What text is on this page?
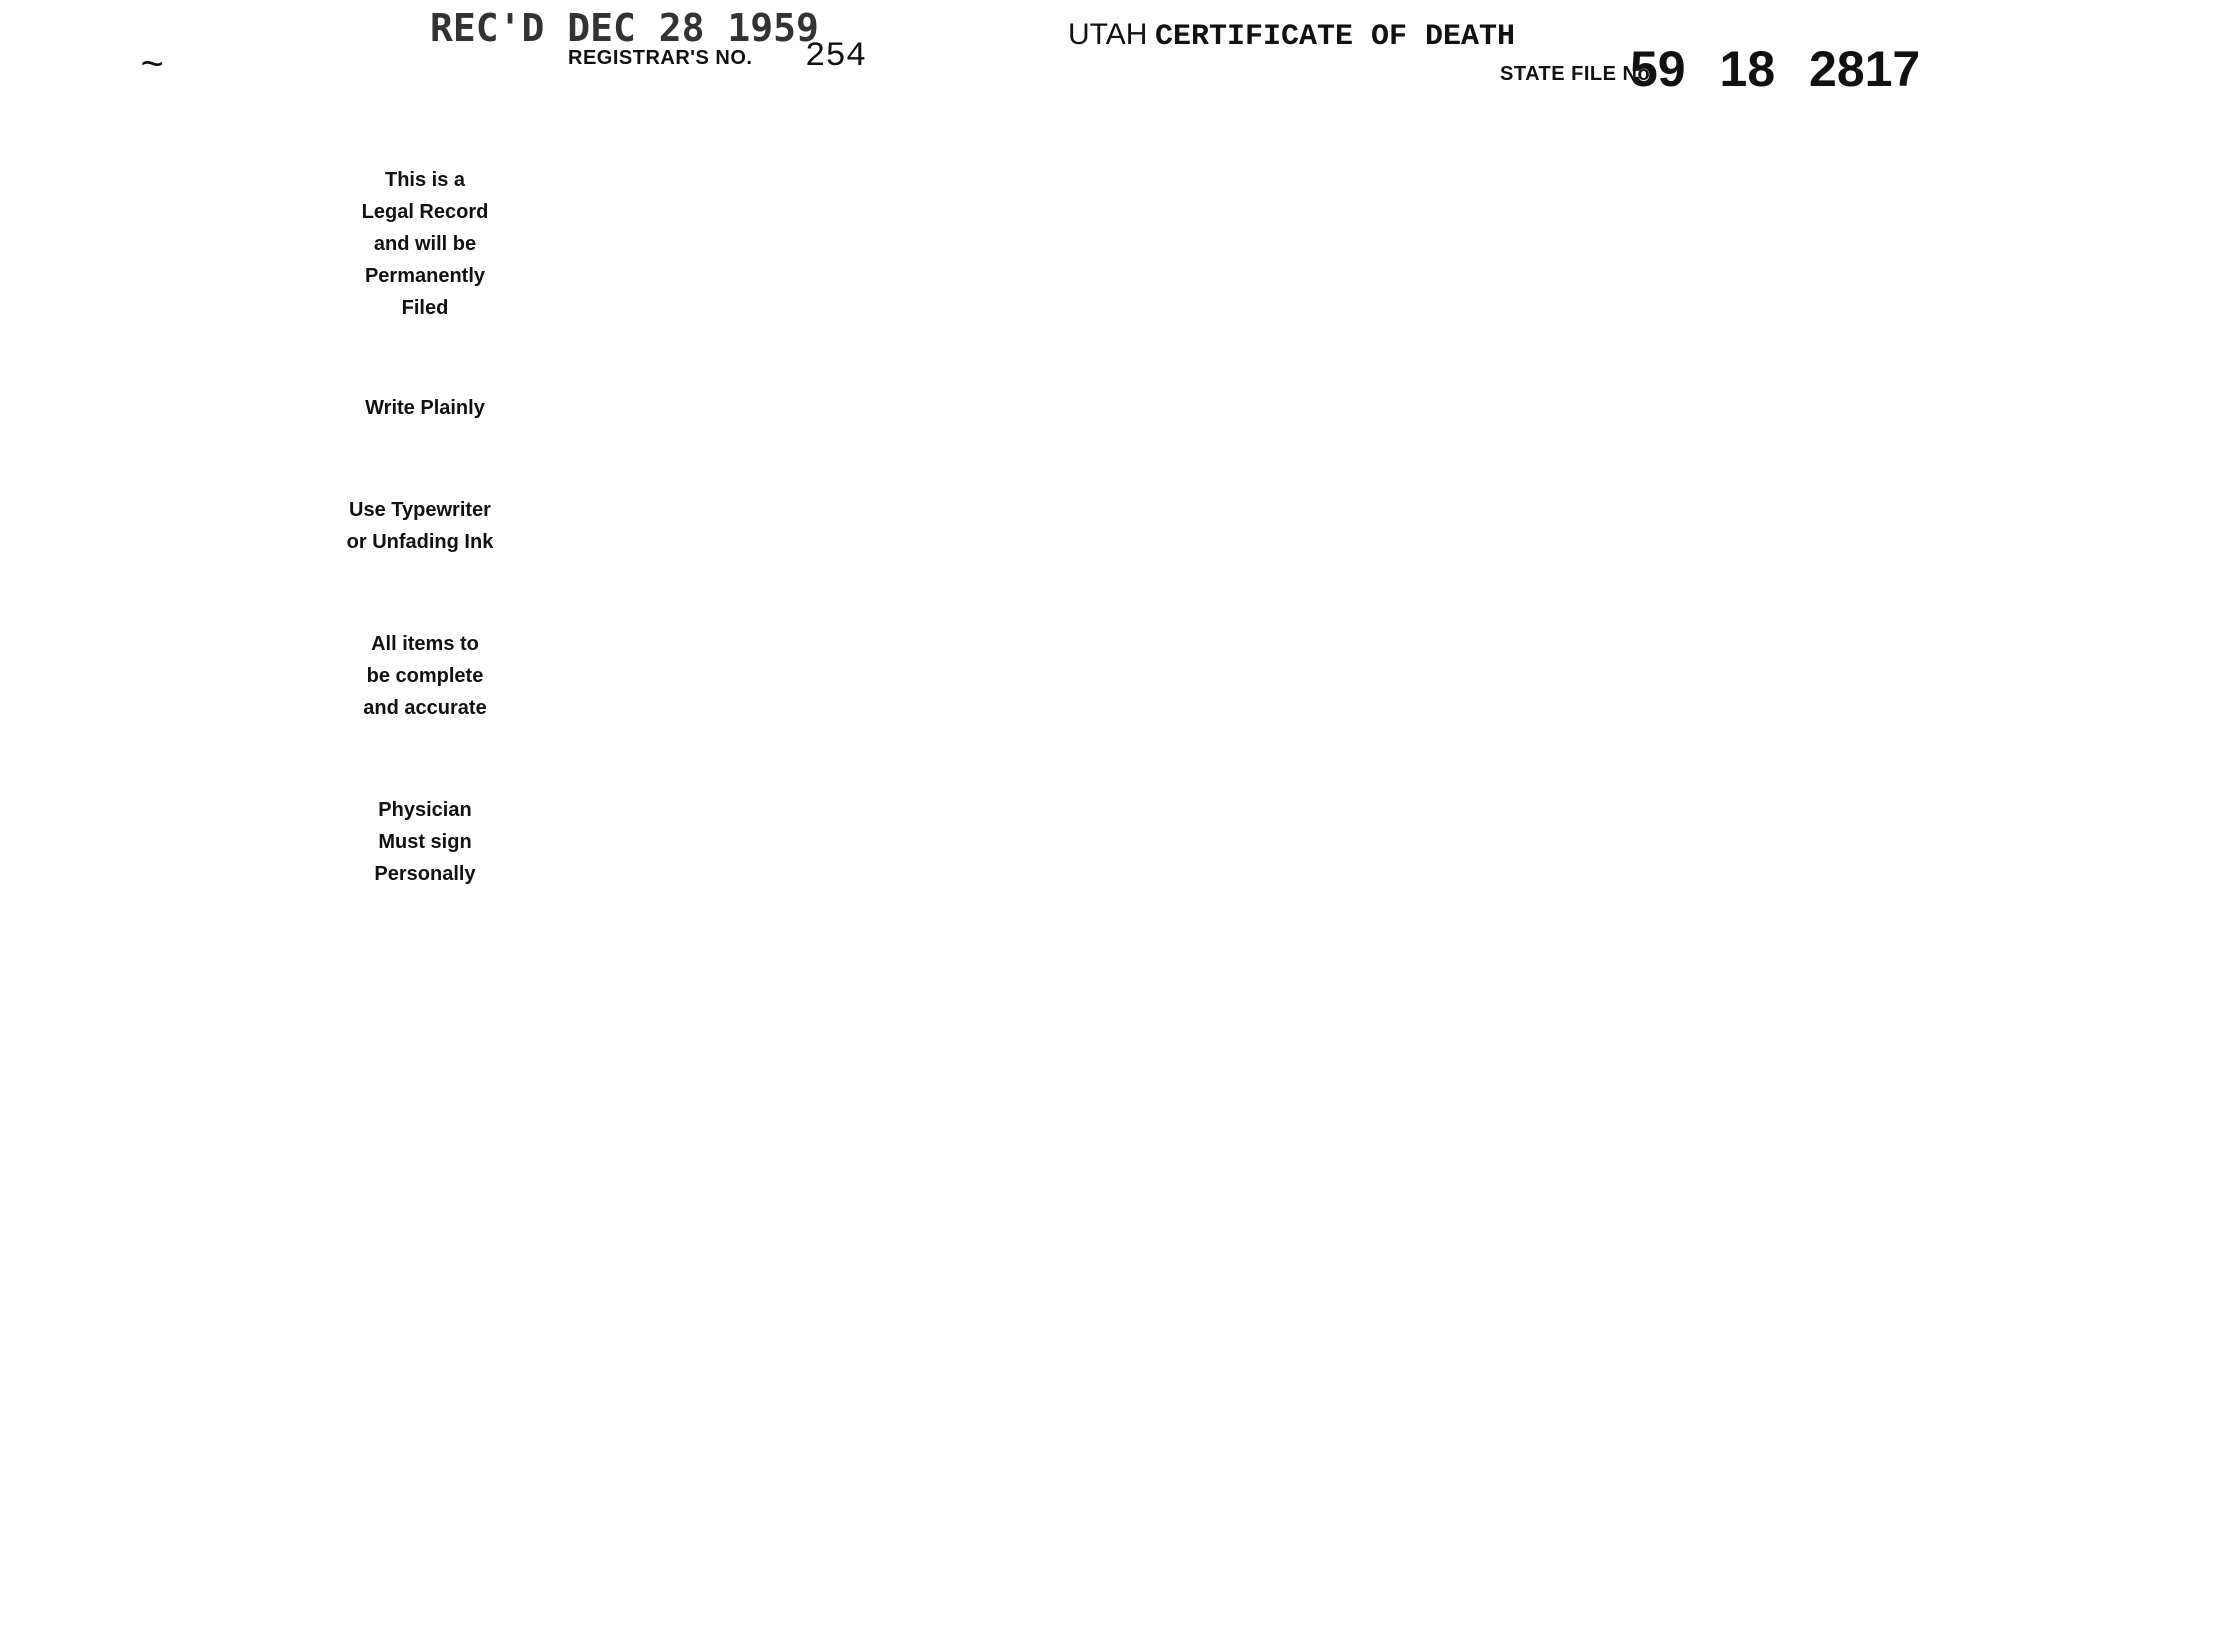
REC'D DEC 28 1959
REGISTRAR'S NO. 254
UTAH CERTIFICATE OF DEATH
STATE FILE No.
59 18 2817
~
This is a
Legal Record
and will be
Permanently
Filed
Write Plainly
Use Typewriter
or Unfading Ink
All items to
be complete
and accurate
Physician
Must sign
Personally
